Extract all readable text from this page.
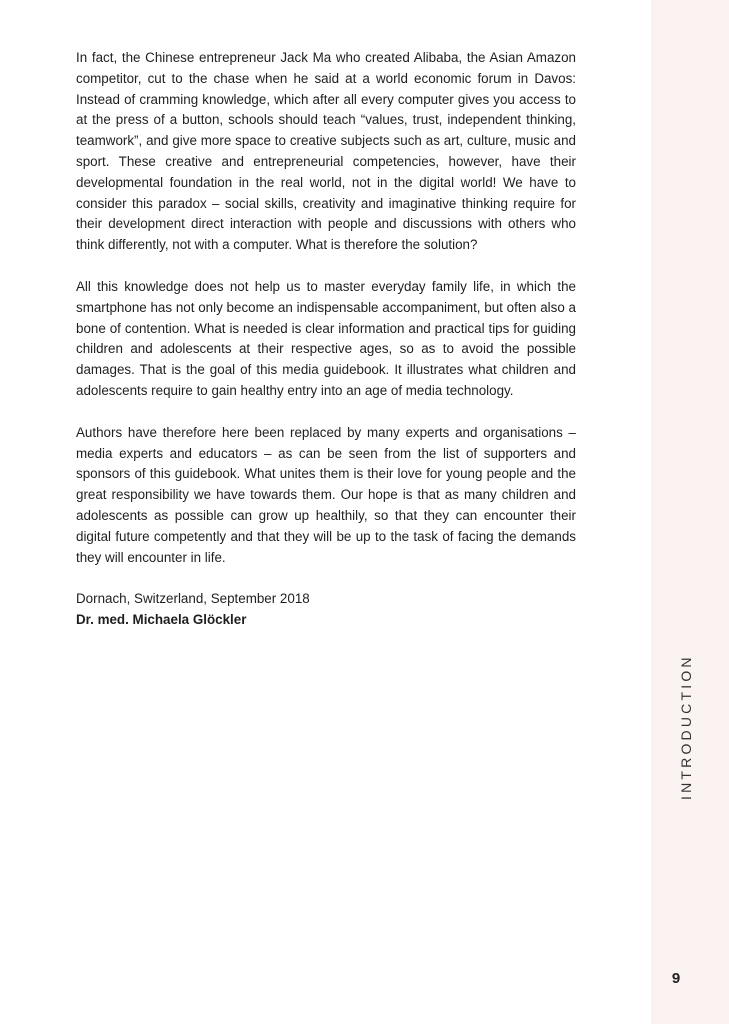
In fact, the Chinese entrepreneur Jack Ma who created Alibaba, the Asian Amazon competitor, cut to the chase when he said at a world economic forum in Davos: Instead of cramming knowledge, which after all every computer gives you access to at the press of a button, schools should teach “values, trust, independent thinking, teamwork”, and give more space to creative subjects such as art, culture, music and sport. These creative and entrepreneurial competencies, however, have their developmental foundation in the real world, not in the digital world! We have to consider this paradox – social skills, creativity and imaginative thinking require for their development direct interaction with people and discussions with others who think differently, not with a computer. What is therefore the solution?

All this knowledge does not help us to master everyday family life, in which the smartphone has not only become an indispensable accompaniment, but often also a bone of contention. What is needed is clear information and practical tips for guiding children and adolescents at their respective ages, so as to avoid the possible damages. That is the goal of this media guidebook. It illustrates what children and adolescents require to gain healthy entry into an age of media technology.

Authors have therefore here been replaced by many experts and organisations – media experts and educators – as can be seen from the list of supporters and sponsors of this guidebook. What unites them is their love for young people and the great responsibility we have towards them. Our hope is that as many children and adolescents as possible can grow up healthily, so that they can encounter their digital future competently and that they will be up to the task of facing the demands they will encounter in life.

Dornach, Switzerland, September 2018

Dr. med. Michaela Glöckler

INTRODUCTION
9
